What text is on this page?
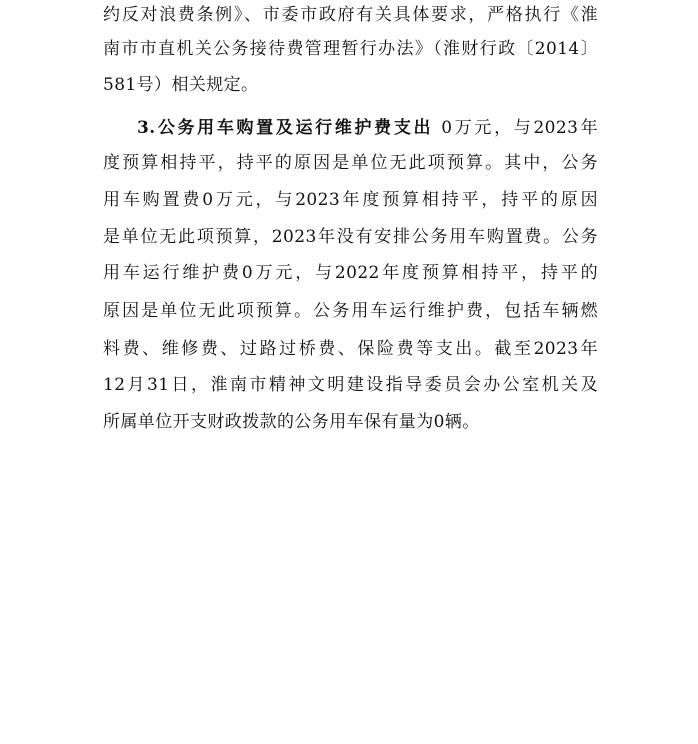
约反对浪费条例》、市委市政府有关具体要求，严格执行《淮
南市市直机关公务接待费管理暂行办法》（淮财行政〔2014〕
581号）相关规定。
3.公务用车购置及运行维护费支出 0万元，与2023年
度预算相持平，持平的原因是单位无此项预算。其中，公务
用车购置费0万元，与2023年度预算相持平，持平的原因
是单位无此项预算，2023年没有安排公务用车购置费。公务
用车运行维护费0万元，与2022年度预算相持平，持平的
原因是单位无此项预算。公务用车运行维护费，包括车辆燃
料费、维修费、过路过桥费、保险费等支出。截至2023年
12月31日，淮南市精神文明建设指导委员会办公室机关及
所属单位开支财政拨款的公务用车保有量为0辆。
